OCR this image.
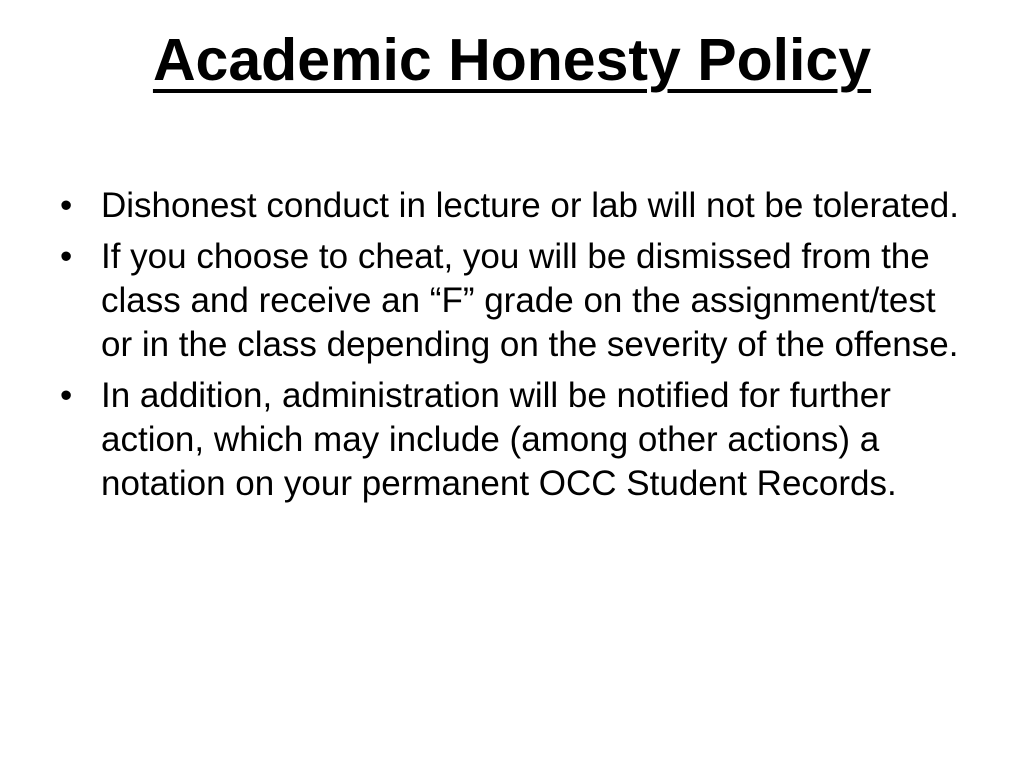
Academic Honesty Policy
• Dishonest conduct in lecture or lab will not be tolerated.
• If you choose to cheat, you will be dismissed from the class and receive an “F” grade on the assignment/test or in the class depending on the severity of the offense.
• In addition, administration will be notified for further action, which may include (among other actions) a notation on your permanent OCC Student Records.
